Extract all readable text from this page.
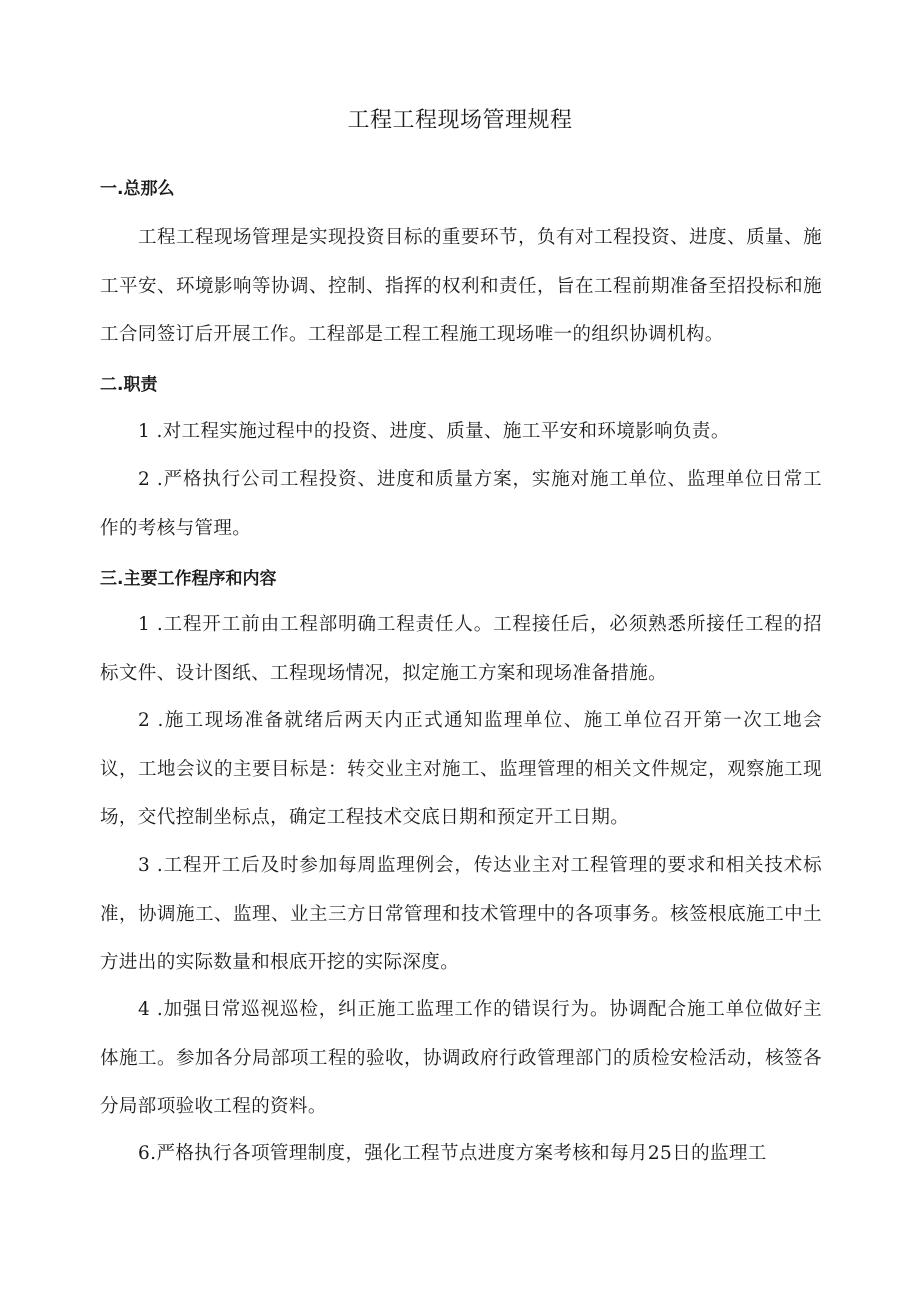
工程工程现场管理规程
一.总那么

工程工程现场管理是实现投资目标的重要环节，负有对工程投资、进度、质量、施工平安、环境影响等协调、控制、指挥的权利和责任，旨在工程前期准备至招投标和施工合同签订后开展工作。工程部是工程工程施工现场唯一的组织协调机构。

二.职责

1 .对工程实施过程中的投资、进度、质量、施工平安和环境影响负责。

2 .严格执行公司工程投资、进度和质量方案，实施对施工单位、监理单位日常工作的考核与管理。

三.主要工作程序和内容

1 .工程开工前由工程部明确工程责任人。工程接任后，必须熟悉所接任工程的招标文件、设计图纸、工程现场情况，拟定施工方案和现场准备措施。

2 .施工现场准备就绪后两天内正式通知监理单位、施工单位召开第一次工地会议，工地会议的主要目标是：转交业主对施工、监理管理的相关文件规定，观察施工现场，交代控制坐标点，确定工程技术交底日期和预定开工日期。

3 .工程开工后及时参加每周监理例会，传达业主对工程管理的要求和相关技术标准，协调施工、监理、业主三方日常管理和技术管理中的各项事务。核签根底施工中土方进出的实际数量和根底开挖的实际深度。

4 .加强日常巡视巡检，纠正施工监理工作的错误行为。协调配合施工单位做好主体施工。参加各分局部项工程的验收，协调政府行政管理部门的质检安检活动，核签各分局部项验收工程的资料。

6.严格执行各项管理制度，强化工程节点进度方案考核和每月25日的监理工
